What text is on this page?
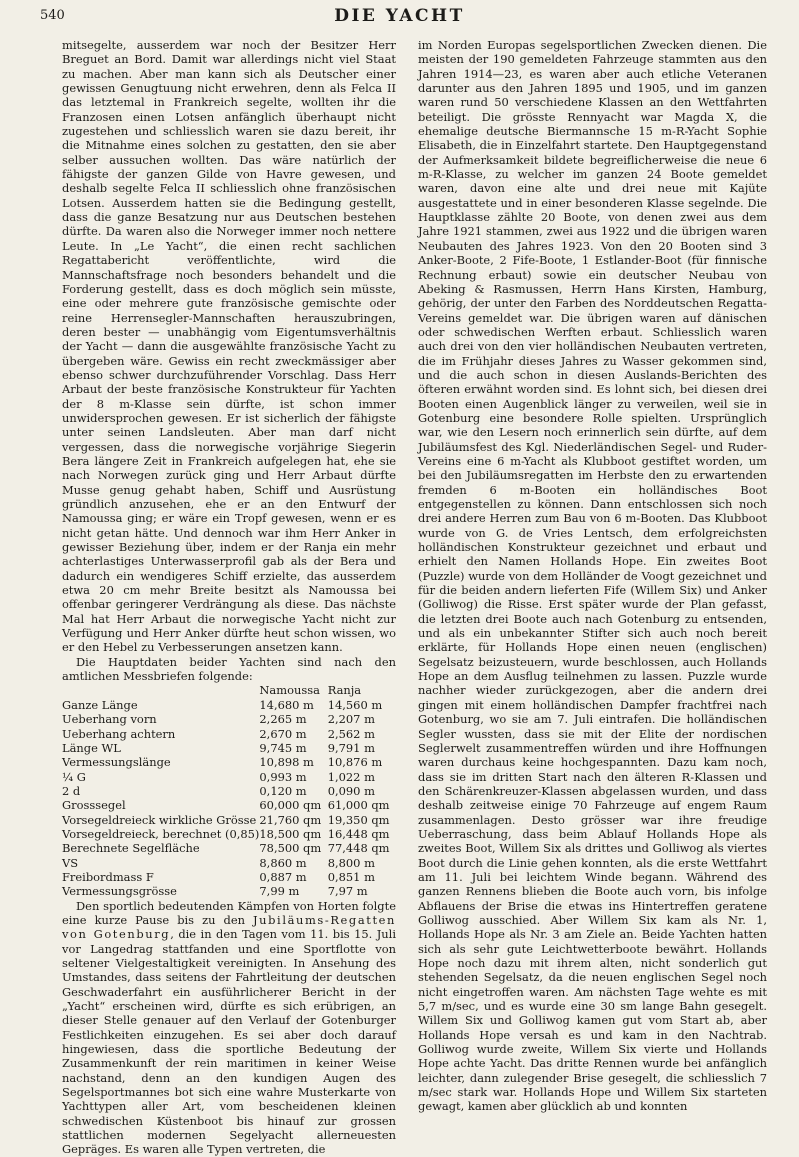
540	DIE YACHT

mitsegelte, ausserdem war noch der Besitzer Herr Breguet an Bord. Damit war allerdings nicht viel Staat zu machen. Aber man kann sich als Deutscher einer gewissen Genugtuung nicht erwehren, denn als Felca II das letztemal in Frankreich segelte, wollten ihr die Franzosen einen Lotsen anfänglich überhaupt nicht zugestehen und schliesslich waren sie dazu bereit, ihr die Mitnahme eines solchen zu gestatten, den sie aber selber aussuchen wollten. Das wäre natürlich der fähigste der ganzen Gilde von Havre gewesen, und deshalb segelte Felca II schliesslich ohne französischen Lotsen. Ausserdem hatten sie die Bedingung gestellt, dass die ganze Besatzung nur aus Deutschen bestehen dürfte. Da waren also die Norweger immer noch nettere Leute. In „Le Yacht“, die einen recht sachlichen Regattabericht veröffentlichte, wird die Mannschaftsfrage noch besonders behandelt und die Forderung gestellt, dass es doch möglich sein müsste, eine oder mehrere gute französische gemischte oder reine Herrensegler-Mannschaften herauszubringen, deren bester — unabhängig vom Eigentumsverhältnis der Yacht — dann die ausgewählte französische Yacht zu übergeben wäre. Gewiss ein recht zweckmässiger aber ebenso schwer durchzuführender Vorschlag. Dass Herr Arbaut der beste französische Konstrukteur für Yachten der 8 m-Klasse sein dürfte, ist schon immer unwidersprochen gewesen. Er ist sicherlich der fähigste unter seinen Landsleuten. Aber man darf nicht vergessen, dass die norwegische vorjährige Siegerin Bera längere Zeit in Frankreich aufgelegen hat, ehe sie nach Norwegen zurück ging und Herr Arbaut dürfte Musse genug gehabt haben, Schiff und Ausrüstung gründlich anzusehen, ehe er an den Entwurf der Namoussa ging; er wäre ein Tropf gewesen, wenn er es nicht getan hätte. Und dennoch war ihm Herr Anker in gewisser Beziehung über, indem er der Ranja ein mehr achterlastiges Unterwasserprofil gab als der Bera und dadurch ein wendigeres Schiff erzielte, das ausserdem etwa 20 cm mehr Breite besitzt als Namoussa bei offenbar geringerer Verdrängung als diese. Das nächste Mal hat Herr Arbaut die norwegische Yacht nicht zur Verfügung und Herr Anker dürfte heut schon wissen, wo er den Hebel zu Verbesserungen ansetzen kann.

Die Hauptdaten beider Yachten sind nach den amtlichen Messbriefen folgende:

	Namoussa	Ranja
Ganze Länge	14,680 m	14,560 m
Ueberhang vorn	2,265 m	2,207 m
Ueberhang achtern	2,670 m	2,562 m
Länge WL	9,745 m	9,791 m
Vermessungslänge	10,898 m	10,876 m
¼ G	0,993 m	1,022 m
2 d	0,120 m	0,090 m
Grosssegel	60,000 qm	61,000 qm
Vorsegeldreieck wirkliche Grösse	21,760 qm	19,350 qm
Vorsegeldreieck, berechnet (0,85)	18,500 qm	16,448 qm
Berechnete Segelfläche	78,500 qm	77,448 qm
VS	8,860 m	8,800 m
Freibordmass F	0,887 m	0,851 m
Vermessungsgrösse	7,99 m	7,97 m

Den sportlich bedeutenden Kämpfen von Horten folgte eine kurze Pause bis zu den Jubiläums-Regatten von Gotenburg, die in den Tagen vom 11. bis 15. Juli vor Langedrag stattfanden und eine Sportflotte von seltener Vielgestaltigkeit vereinigten. In Ansehung des Umstandes, dass seitens der Fahrtleitung der deutschen Geschwaderfahrt ein ausführlicherer Bericht in der „Yacht“ erscheinen wird, dürfte es sich erübrigen, an dieser Stelle genauer auf den Verlauf der Gotenburger Festlichkeiten einzugehen. Es sei aber doch darauf hingewiesen, dass die sportliche Bedeutung der Zusammenkunft der rein maritimen in keiner Weise nachstand, denn an den kundigen Augen des Segelsportmannes bot sich eine wahre Musterkarte von Yachttypen aller Art, vom bescheidenen kleinen schwedischen Küstenboot bis hinauf zur grossen stattlichen modernen Segelyacht allerneuesten Gepräges. Es waren alle Typen vertreten, die

im Norden Europas segelsportlichen Zwecken dienen. Die meisten der 190 gemeldeten Fahrzeuge stammten aus den Jahren 1914—23, es waren aber auch etliche Veteranen darunter aus den Jahren 1895 und 1905, und im ganzen waren rund 50 verschiedene Klassen an den Wettfahrten beteiligt. Die grösste Rennyacht war Magda X, die ehemalige deutsche Biermannsche 15 m-R-Yacht Sophie Elisabeth, die in Einzelfahrt startete. Den Hauptgegenstand der Aufmerksamkeit bildete begreiflicherweise die neue 6 m-R-Klasse, zu welcher im ganzen 24 Boote gemeldet waren, davon eine alte und drei neue mit Kajüte ausgestattete und in einer besonderen Klasse segelnde. Die Hauptklasse zählte 20 Boote, von denen zwei aus dem Jahre 1921 stammen, zwei aus 1922 und die übrigen waren Neubauten des Jahres 1923. Von den 20 Booten sind 3 Anker-Boote, 2 Fife-Boote, 1 Estlander-Boot (für finnische Rechnung erbaut) sowie ein deutscher Neubau von Abeking & Rasmussen, Herrn Hans Kirsten, Hamburg, gehörig, der unter den Farben des Norddeutschen Regatta-Vereins gemeldet war. Die übrigen waren auf dänischen oder schwedischen Werften erbaut. Schliesslich waren auch drei von den vier holländischen Neubauten vertreten, die im Frühjahr dieses Jahres zu Wasser gekommen sind, und die auch schon in diesen Auslands-Berichten des öfteren erwähnt worden sind. Es lohnt sich, bei diesen drei Booten einen Augenblick länger zu verweilen, weil sie in Gotenburg eine besondere Rolle spielten. Ursprünglich war, wie den Lesern noch erinnerlich sein dürfte, auf dem Jubiläumsfest des Kgl. Niederländischen Segel- und Ruder-Vereins eine 6 m-Yacht als Klubboot gestiftet worden, um bei den Jubiläumsregatten im Herbste den zu erwartenden fremden 6 m-Booten ein holländisches Boot entgegenstellen zu können. Dann entschlossen sich noch drei andere Herren zum Bau von 6 m-Booten. Das Klubboot wurde von G. de Vries Lentsch, dem erfolgreichsten holländischen Konstrukteur gezeichnet und erbaut und erhielt den Namen Hollands Hope. Ein zweites Boot (Puzzle) wurde von dem Holländer de Voogt gezeichnet und für die beiden andern lieferten Fife (Willem Six) und Anker (Golliwog) die Risse. Erst später wurde der Plan gefasst, die letzten drei Boote auch nach Gotenburg zu entsenden, und als ein unbekannter Stifter sich auch noch bereit erklärte, für Hollands Hope einen neuen (englischen) Segelsatz beizusteuern, wurde beschlossen, auch Hollands Hope an dem Ausflug teilnehmen zu lassen. Puzzle wurde nachher wieder zurückgezogen, aber die andern drei gingen mit einem holländischen Dampfer frachtfrei nach Gotenburg, wo sie am 7. Juli eintrafen. Die holländischen Segler wussten, dass sie mit der Elite der nordischen Seglerwelt zusammentreffen würden und ihre Hoffnungen waren durchaus keine hochgespannten. Dazu kam noch, dass sie im dritten Start nach den älteren R-Klassen und den Schärenkreuzer-Klassen abgelassen wurden, und dass deshalb zeitweise einige 70 Fahrzeuge auf engem Raum zusammenlagen. Desto grösser war ihre freudige Ueberraschung, dass beim Ablauf Hollands Hope als zweites Boot, Willem Six als drittes und Golliwog als viertes Boot durch die Linie gehen konnten, als die erste Wettfahrt am 11. Juli bei leichtem Winde begann. Während des ganzen Rennens blieben die Boote auch vorn, bis infolge Abflauens der Brise die etwas ins Hintertreffen geratene Golliwog ausschied. Aber Willem Six kam als Nr. 1, Hollands Hope als Nr. 3 am Ziele an. Beide Yachten hatten sich als sehr gute Leichtwetterboote bewährt. Hollands Hope noch dazu mit ihrem alten, nicht sonderlich gut stehenden Segelsatz, da die neuen englischen Segel noch nicht eingetroffen waren. Am nächsten Tage wehte es mit 5,7 m/sec, und es wurde eine 30 sm lange Bahn gesegelt. Willem Six und Golliwog kamen gut vom Start ab, aber Hollands Hope versah es und kam in den Nachtrab. Golliwog wurde zweite, Willem Six vierte und Hollands Hope achte Yacht. Das dritte Rennen wurde bei anfänglich leichter, dann zulegender Brise gesegelt, die schliesslich 7 m/sec stark war. Hollands Hope und Willem Six starteten gewagt, kamen aber glücklich ab und konnten
